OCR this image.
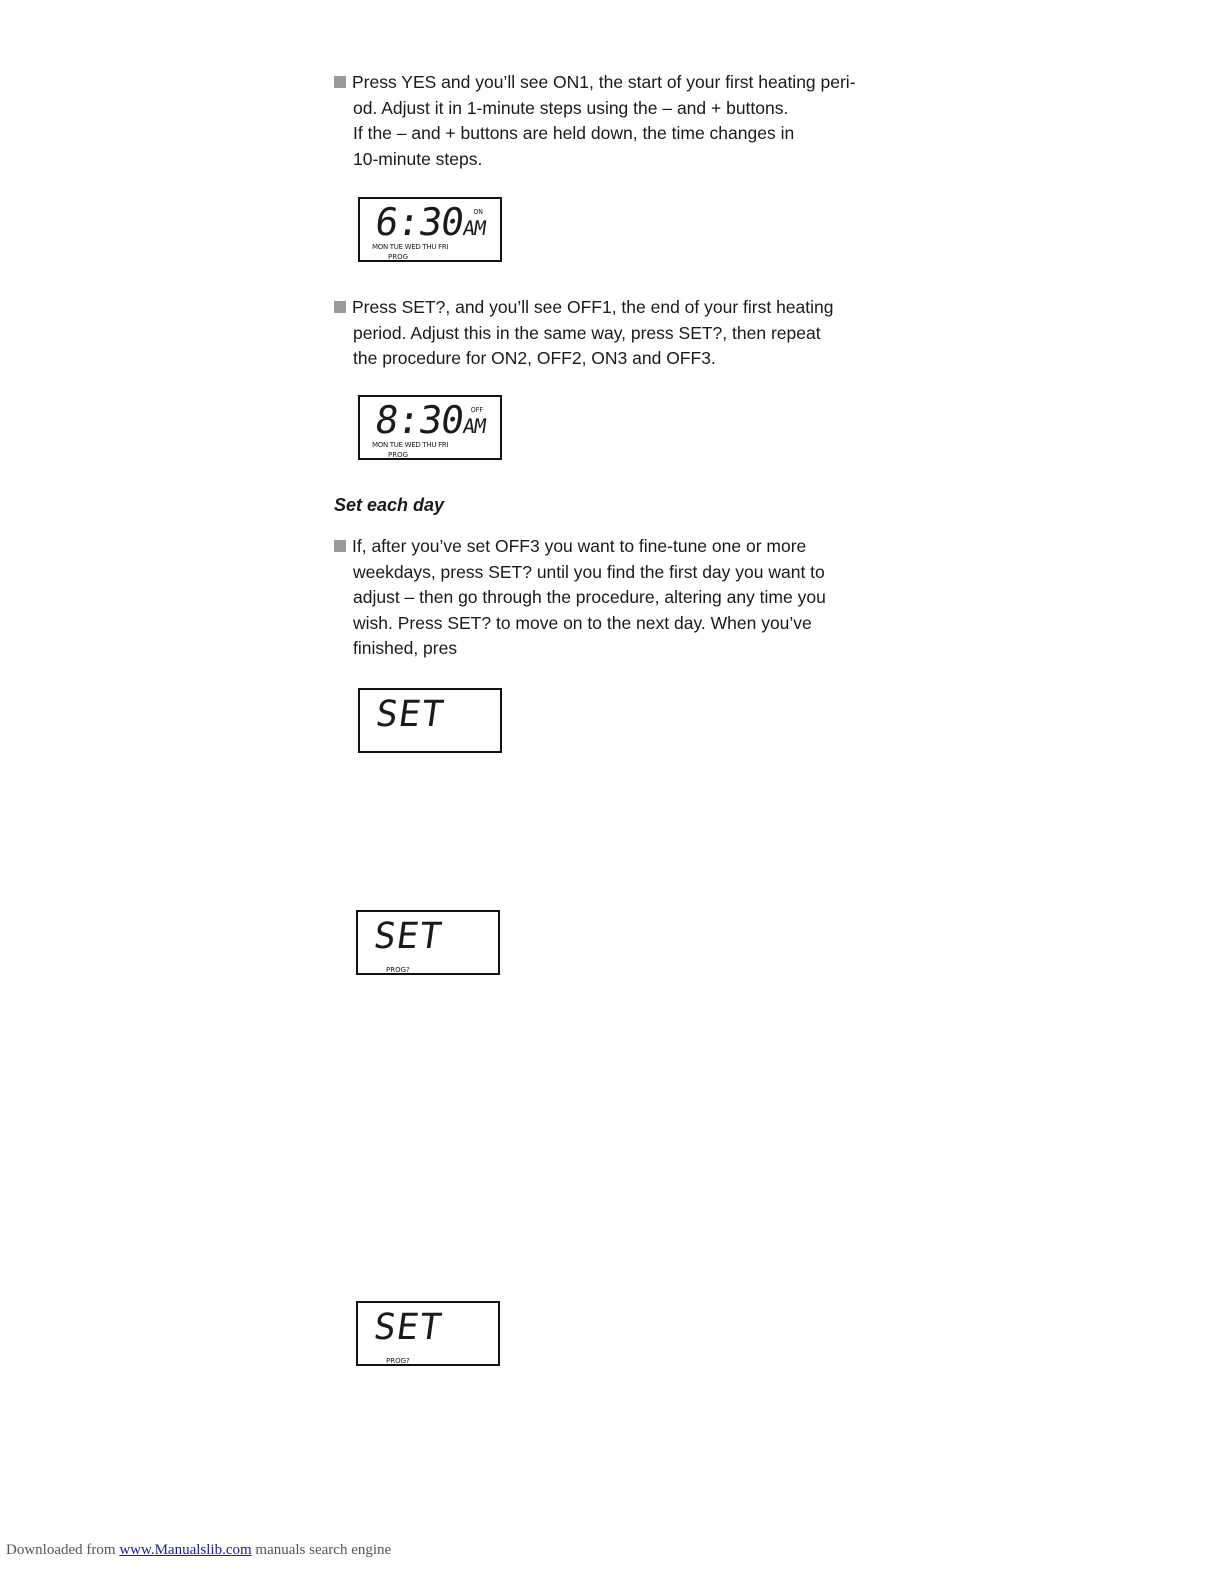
Press YES and you’ll see ON1, the start of your first heating peri-
od. Adjust it in 1-minute steps using the – and + buttons.
If the – and + buttons are held down, the time changes in
10-minute steps.
6:30AM
ON
MON TUE WED THU FRI
PROG
Press SET?, and you’ll see OFF1, the end of your first heating
period. Adjust this in the same way, press SET?, then repeat
the procedure for ON2, OFF2, ON3 and OFF3.
8:30AM
OFF
MON TUE WED THU FRI
PROG
Set each day
If, after you’ve set OFF3 you want to fine-tune one or more
weekdays, press SET? until you find the first day you want to
adjust – then go through the procedure, altering any time you
wish. Press SET? to move on to the next day. When you’ve
finished, pres
SET
SET
PROG?
SET
PROG?
Downloaded from www.Manualslib.com manuals search engine
